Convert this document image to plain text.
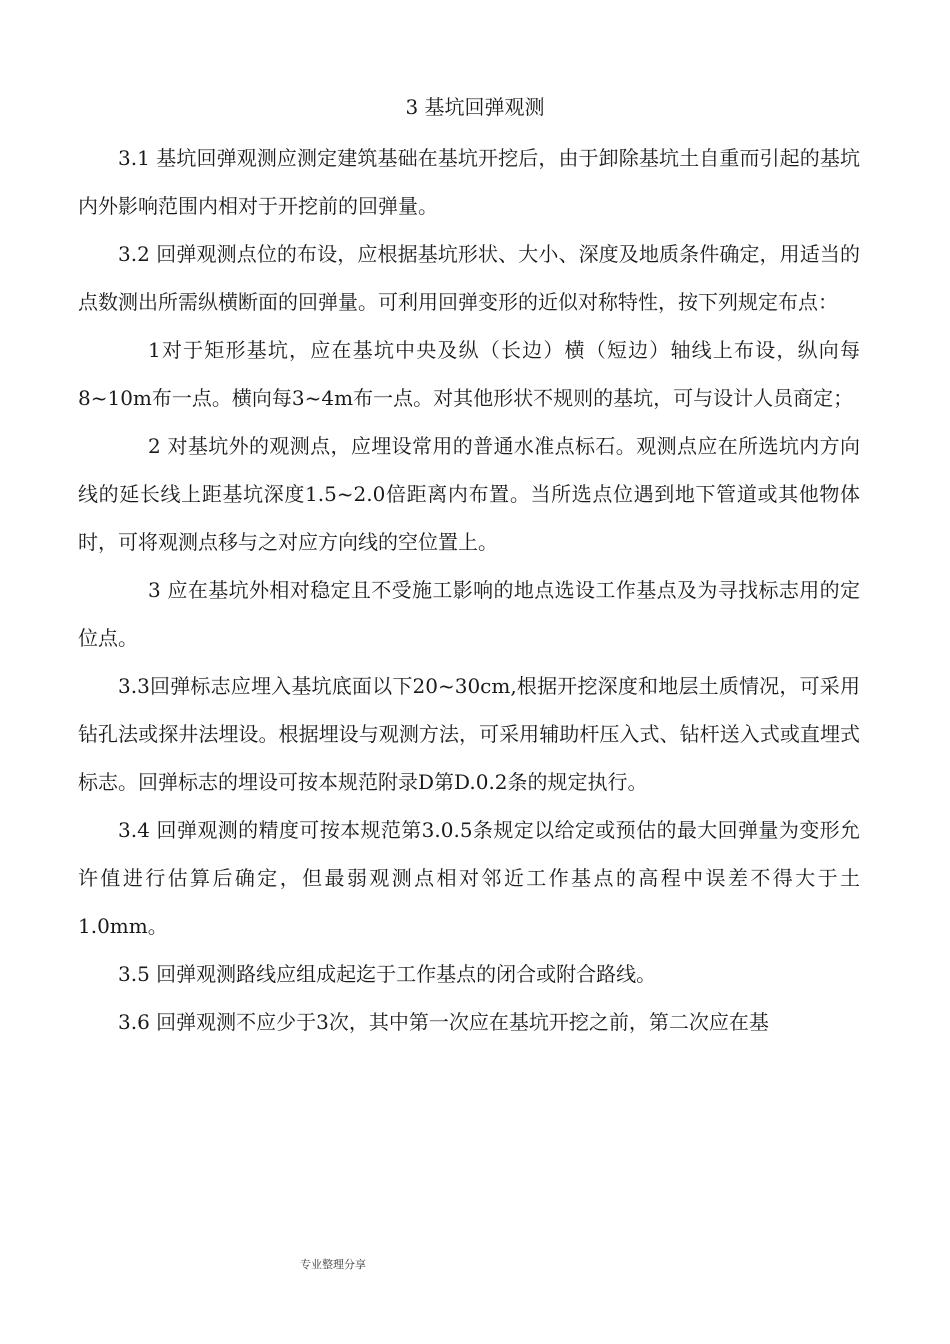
3 基坑回弹观测

3.1 基坑回弹观测应测定建筑基础在基坑开挖后，由于卸除基坑土自重而引起的基坑内外影响范围内相对于开挖前的回弹量。

3.2 回弹观测点位的布设，应根据基坑形状、大小、深度及地质条件确定，用适当的点数测出所需纵横断面的回弹量。可利用回弹变形的近似对称特性，按下列规定布点：

1对于矩形基坑，应在基坑中央及纵（长边）横（短边）轴线上布设，纵向每8~10m布一点。横向每3~4m布一点。对其他形状不规则的基坑，可与设计人员商定；

2 对基坑外的观测点，应埋设常用的普通水准点标石。观测点应在所选坑内方向线的延长线上距基坑深度1.5~2.0倍距离内布置。当所选点位遇到地下管道或其他物体时，可将观测点移与之对应方向线的空位置上。

3 应在基坑外相对稳定且不受施工影响的地点选设工作基点及为寻找标志用的定位点。

3.3回弹标志应埋入基坑底面以下20~30cm,根据开挖深度和地层土质情况，可采用钻孔法或探井法埋设。根据埋设与观测方法，可采用辅助杆压入式、钻杆送入式或直埋式标志。回弹标志的埋设可按本规范附录D第D.0.2条的规定执行。

3.4 回弹观测的精度可按本规范第3.0.5条规定以给定或预估的最大回弹量为变形允许值进行估算后确定，但最弱观测点相对邻近工作基点的高程中误差不得大于土1.0mm。

3.5 回弹观测路线应组成起迄于工作基点的闭合或附合路线。

3.6 回弹观测不应少于3次，其中第一次应在基坑开挖之前，第二次应在基

专业整理分享
